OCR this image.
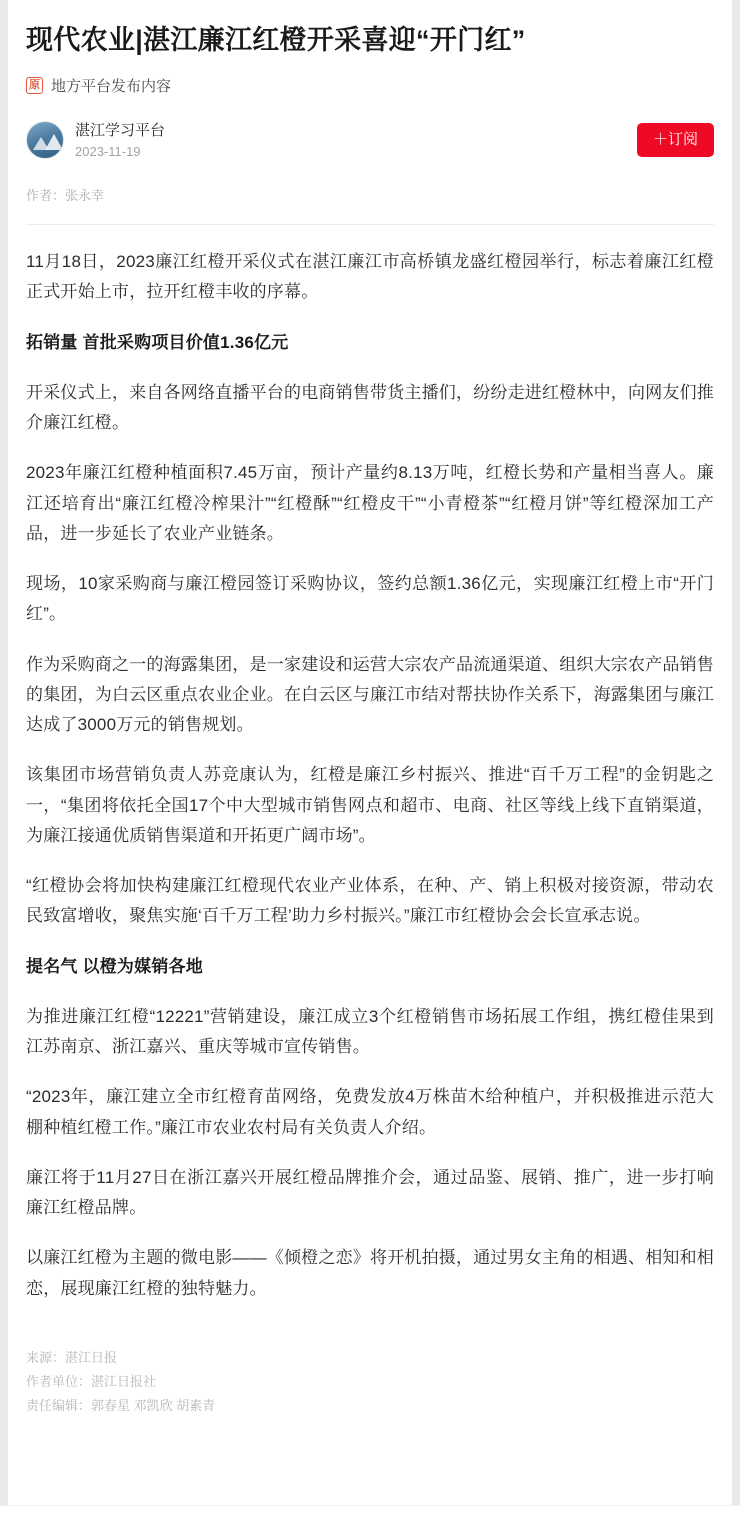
现代农业|湛江廉江红橙开采喜迎“开门红”
原 地方平台发布内容
湛江学习平台
2023-11-19
＋订阅
作者：张永幸

11月18日，2023廉江红橙开采仪式在湛江廉江市高桥镇龙盛红橙园举行，标志着廉江红橙正式开始上市，拉开红橙丰收的序幕。

拓销量 首批采购项目价值1.36亿元

开采仪式上，来自各网络直播平台的电商销售带货主播们，纷纷走进红橙林中，向网友们推介廉江红橙。

2023年廉江红橙种植面积7.45万亩，预计产量约8.13万吨，红橙长势和产量相当喜人。廉江还培育出“廉江红橙冷榨果汁”“红橙酥”“红橙皮干”“小青橙茶”“红橙月饼”等红橙深加工产品，进一步延长了农业产业链条。

现场，10家采购商与廉江橙园签订采购协议，签约总额1.36亿元，实现廉江红橙上市“开门红”。

作为采购商之一的海露集团，是一家建设和运营大宗农产品流通渠道、组织大宗农产品销售的集团，为白云区重点农业企业。在白云区与廉江市结对帮扶协作关系下，海露集团与廉江达成了3000万元的销售规划。

该集团市场营销负责人苏竞康认为，红橙是廉江乡村振兴、推进“百千万工程”的金钥匙之一，“集团将依托全国17个中大型城市销售网点和超市、电商、社区等线上线下直销渠道，为廉江接通优质销售渠道和开拓更广阔市场”。

“红橙协会将加快构建廉江红橙现代农业产业体系，在种、产、销上积极对接资源，带动农民致富增收，聚焦实施‘百千万工程’助力乡村振兴。”廉江市红橙协会会长宣承志说。

提名气 以橙为媒销各地

为推进廉江红橙“12221”营销建设，廉江成立3个红橙销售市场拓展工作组，携红橙佳果到江苏南京、浙江嘉兴、重庆等城市宣传销售。

“2023年，廉江建立全市红橙育苗网络，免费发放4万株苗木给种植户，并积极推进示范大棚种植红橙工作。”廉江市农业农村局有关负责人介绍。

廉江将于11月27日在浙江嘉兴开展红橙品牌推介会，通过品鉴、展销、推广，进一步打响廉江红橙品牌。

以廉江红橙为主题的微电影——《倾橙之恋》将开机拍摄，通过男女主角的相遇、相知和相恋，展现廉江红橙的独特魅力。

来源：湛江日报
作者单位：湛江日报社
责任编辑：郭春星 邓凯欣 胡素青
